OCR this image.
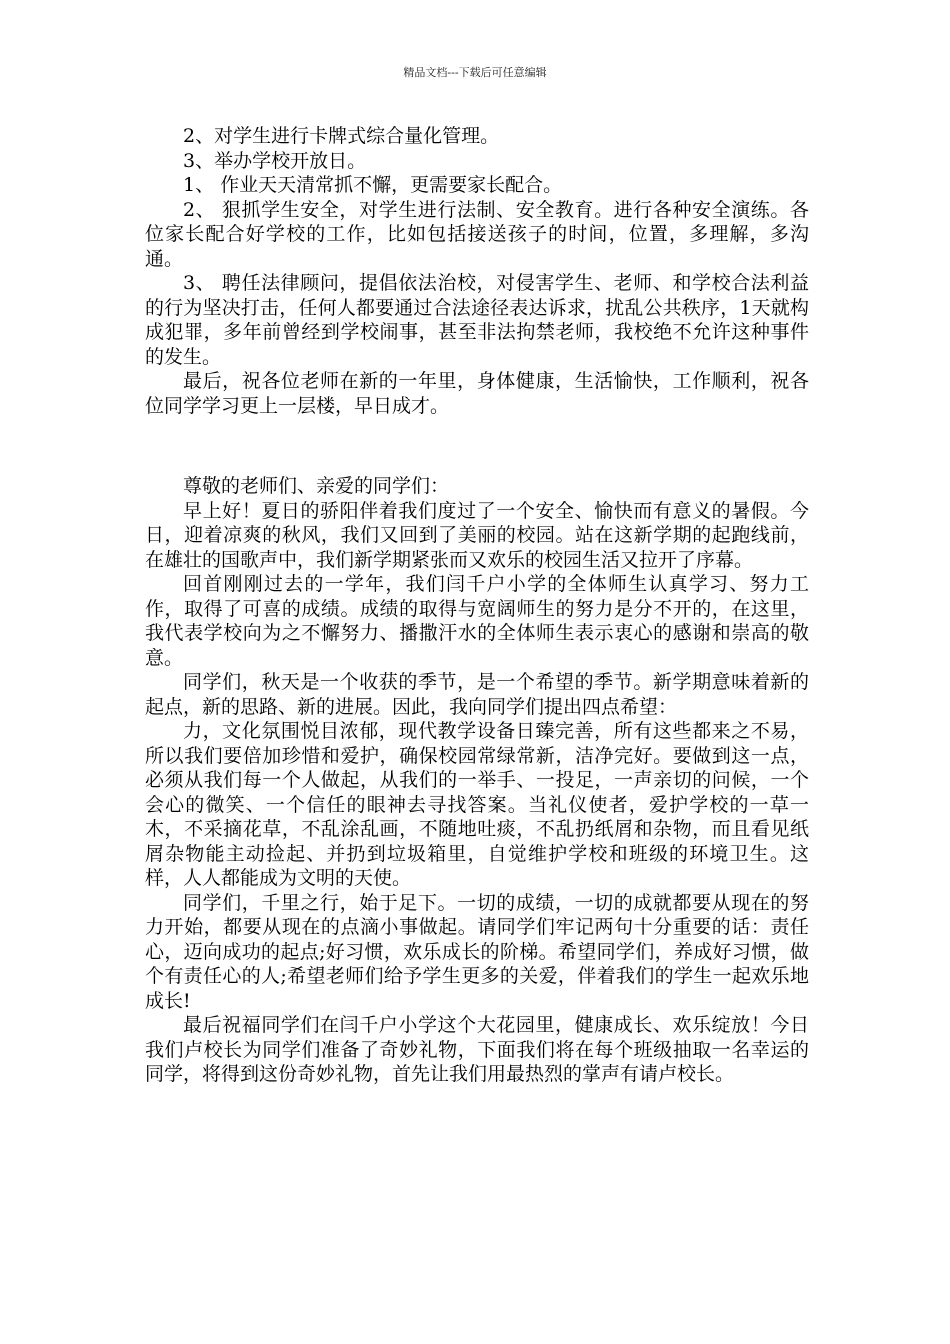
精品文档---下载后可任意编辑

2、对学生进行卡牌式综合量化管理。

3、举办学校开放日。

1、 作业天天清常抓不懈，更需要家长配合。

2、 狠抓学生安全，对学生进行法制、安全教育。进行各种安全演练。各位家长配合好学校的工作，比如包括接送孩子的时间，位置，多理解，多沟通。

3、 聘任法律顾问，提倡依法治校，对侵害学生、老师、和学校合法利益的行为坚决打击，任何人都要通过合法途径表达诉求，扰乱公共秩序，1天就构成犯罪，多年前曾经到学校闹事，甚至非法拘禁老师，我校绝不允许这种事件的发生。

最后，祝各位老师在新的一年里，身体健康，生活愉快，工作顺利，祝各位同学学习更上一层楼，早日成才。

尊敬的老师们、亲爱的同学们：

早上好！夏日的骄阳伴着我们度过了一个安全、愉快而有意义的暑假。今日，迎着凉爽的秋风，我们又回到了美丽的校园。站在这新学期的起跑线前，在雄壮的国歌声中，我们新学期紧张而又欢乐的校园生活又拉开了序幕。

回首刚刚过去的一学年，我们闫千户小学的全体师生认真学习、努力工作，取得了可喜的成绩。成绩的取得与宽阔师生的努力是分不开的，在这里，我代表学校向为之不懈努力、播撒汗水的全体师生表示衷心的感谢和崇高的敬意。

同学们，秋天是一个收获的季节，是一个希望的季节。新学期意味着新的起点，新的思路、新的进展。因此，我向同学们提出四点希望：

力，文化氛围悦目浓郁，现代教学设备日臻完善，所有这些都来之不易，所以我们要倍加珍惜和爱护，确保校园常绿常新，洁净完好。要做到这一点，必须从我们每一个人做起，从我们的一举手、一投足，一声亲切的问候，一个会心的微笑、一个信任的眼神去寻找答案。当礼仪使者，爱护学校的一草一木，不采摘花草，不乱涂乱画，不随地吐痰，不乱扔纸屑和杂物，而且看见纸屑杂物能主动捡起、并扔到垃圾箱里，自觉维护学校和班级的环境卫生。这样，人人都能成为文明的天使。

同学们，千里之行，始于足下。一切的成绩，一切的成就都要从现在的努力开始，都要从现在的点滴小事做起。请同学们牢记两句十分重要的话：责任心，迈向成功的起点;好习惯，欢乐成长的阶梯。希望同学们，养成好习惯，做个有责任心的人;希望老师们给予学生更多的关爱，伴着我们的学生一起欢乐地成长!

最后祝福同学们在闫千户小学这个大花园里，健康成长、欢乐绽放！今日我们卢校长为同学们准备了奇妙礼物，下面我们将在每个班级抽取一名幸运的同学，将得到这份奇妙礼物，首先让我们用最热烈的掌声有请卢校长。
